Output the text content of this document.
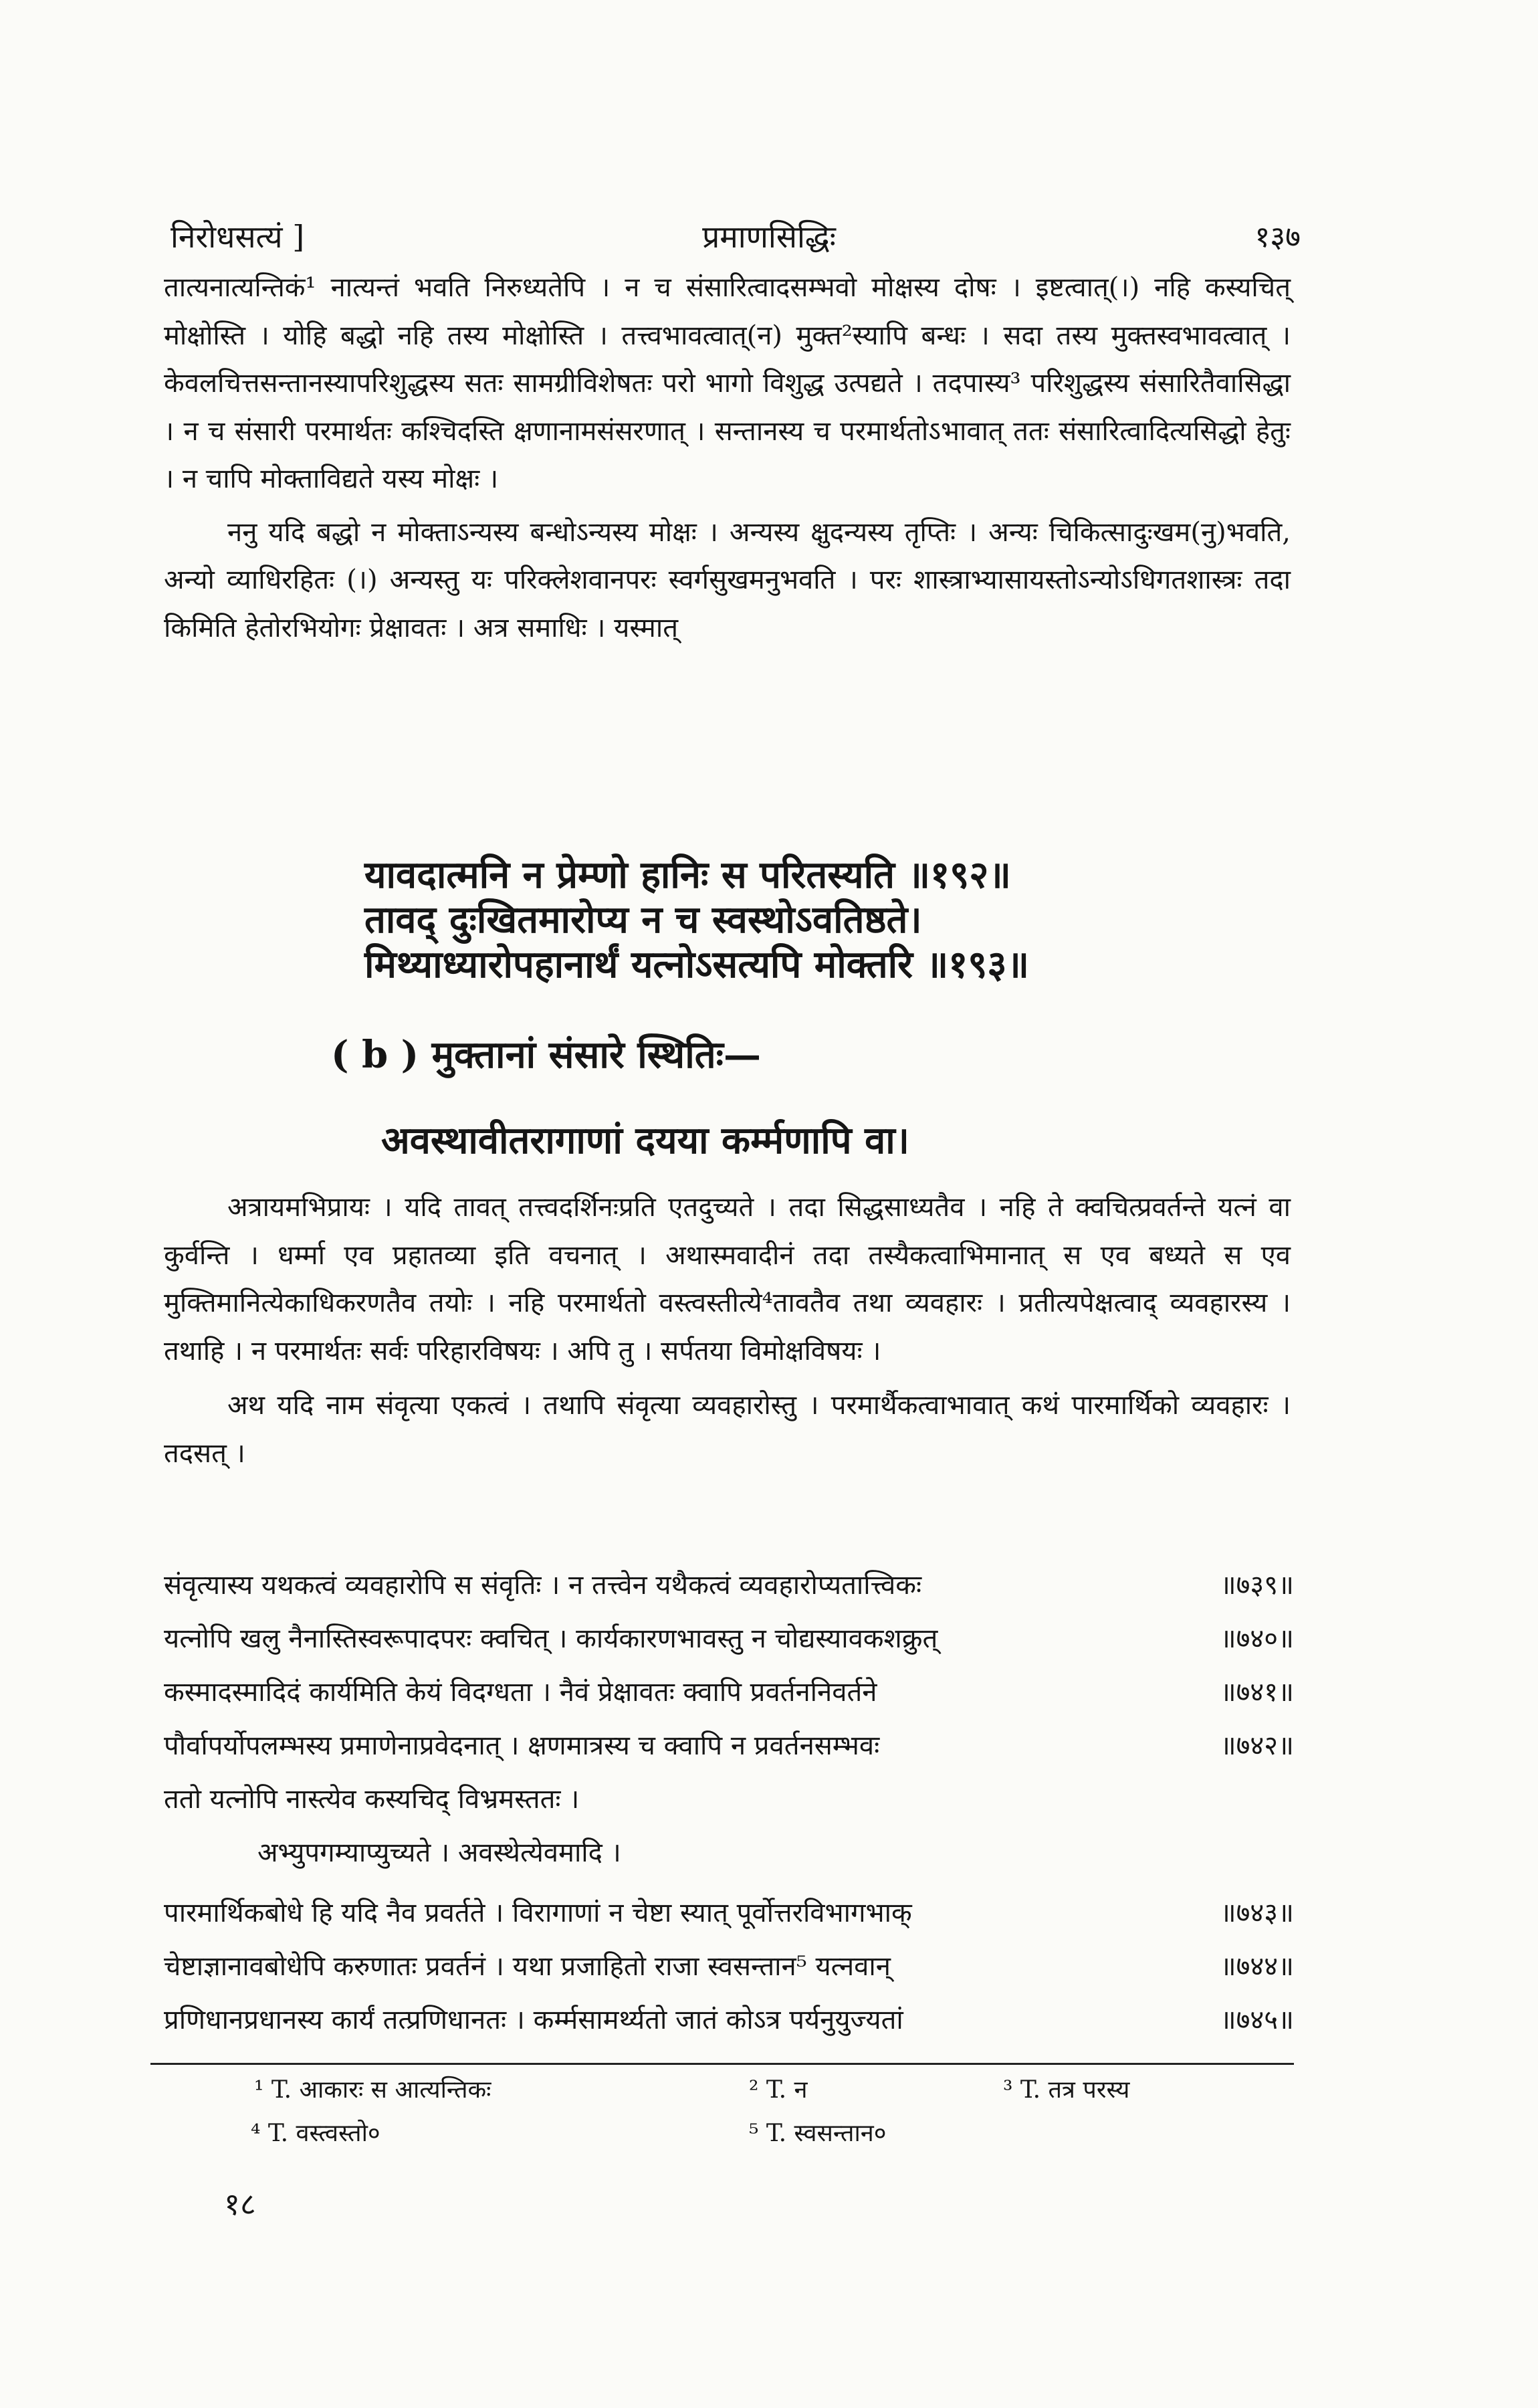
निरोधसत्यं ]	प्रमाणसिद्धिः	१३७

तात्यनात्यन्तिकं¹ नात्यन्तं भवति निरुध्यतेपि । न च संसारित्वादसम्भवो मोक्षस्य दोषः । इष्टत्वात्(।) नहि कस्यचित् मोक्षोस्ति । योहि बद्धो नहि तस्य मोक्षोस्ति । तत्त्वभावत्वात्(न) मुक्त²स्यापि बन्धः । सदा तस्य मुक्तस्वभावत्वात् । केवलचित्तसन्तानस्यापरिशुद्धस्य सतः सामग्रीविशेषतः परो भागो विशुद्ध उत्पद्यते । तदपास्य³ परिशुद्धस्य संसारितैवासिद्धा । न च संसारी परमार्थतः कश्चिदस्ति क्षणानामसंसरणात् । सन्तानस्य च परमार्थतोऽभावात् ततः संसारित्वादित्यसिद्धो हेतुः । न चापि मोक्ताविद्यते यस्य मोक्षः ।

ननु यदि बद्धो न मोक्ताऽन्यस्य बन्धोऽन्यस्य मोक्षः । अन्यस्य क्षुदन्यस्य तृप्तिः । अन्यः चिकित्सादुःखम(नु)भवति, अन्यो व्याधिरहितः (।) अन्यस्तु यः परिक्लेशवानपरः स्वर्गसुखमनुभवति । परः शास्त्राभ्यासायस्तोऽन्योऽधिगतशास्त्रः तदा किमिति हेतोरभियोगः प्रेक्षावतः । अत्र समाधिः । यस्मात्

यावदात्मनि न प्रेम्णो हानिः स परितस्यति ॥१९२॥
तावद् दुःखितमारोप्य न च स्वस्थोऽवतिष्ठते।
मिथ्याध्यारोपहानार्थं यत्नोऽसत्यपि मोक्तरि ॥१९३॥
( b ) मुक्तानां संसारे स्थितिः—
अवस्थावीतरागाणां दयया कर्म्मणापि वा।

अत्रायमभिप्रायः । यदि तावत् तत्त्वदर्शिनःप्रति एतदुच्यते । तदा सिद्धसाध्यतैव । नहि ते क्वचित्प्रवर्तन्ते यत्नं वा कुर्वन्ति । धर्म्मा एव प्रहातव्या इति वचनात् । अथास्मवादीनं तदा तस्यैकत्वाभिमानात् स एव बध्यते स एव मुक्तिमानित्येकाधिकरणतैव तयोः । नहि परमार्थतो वस्त्वस्तीत्ये⁴तावतैव तथा व्यवहारः । प्रतीत्यपेक्षत्वाद् व्यवहारस्य । तथाहि । न परमार्थतः सर्वः परिहारविषयः । अपि तु । सर्पतया विमोक्षविषयः ।

अथ यदि नाम संवृत्या एकत्वं । तथापि संवृत्या व्यवहारोस्तु । परमार्थैकत्वाभावात् कथं पारमार्थिको व्यवहारः । तदसत् ।

संवृत्यास्य यथकत्वं व्यवहारोपि स संवृतिः । न तत्त्वेन यथैकत्वं व्यवहारोप्यतात्त्विकः	॥७३९॥
यत्नोपि खलु नैनास्तिस्वरूपादपरः क्वचित् । कार्यकारणभावस्तु न चोद्यस्यावकशक्रुत्	॥७४०॥
कस्मादस्मादिदं कार्यमिति केयं विदग्धता । नैवं प्रेक्षावतः क्वापि प्रवर्तननिवर्तने	॥७४१॥
पौर्वापर्योपलम्भस्य प्रमाणेनाप्रवेदनात् । क्षणमात्रस्य च क्वापि न प्रवर्तनसम्भवः	॥७४२॥
ततो यत्नोपि नास्त्येव कस्यचिद् विभ्रमस्ततः ।

अभ्युपगम्याप्युच्यते । अवस्थेत्येवमादि ।

पारमार्थिकबोधे हि यदि नैव प्रवर्तते । विरागाणां न चेष्टा स्यात् पूर्वोत्तरविभागभाक्	॥७४३॥
चेष्टाज्ञानावबोधेपि करुणातः प्रवर्तनं । यथा प्रजाहितो राजा स्वसन्तान⁵ यत्नवान्	॥७४४॥
प्रणिधानप्रधानस्य कार्यं तत्प्रणिधानतः । कर्म्मसामर्थ्यतो जातं कोऽत्र पर्यनुयुज्यतां	॥७४५॥
¹ T. आकारः स आत्यन्तिकः	² T. न	³ T. तत्र परस्य
⁴ T. वस्त्वस्तो०	⁵ T. स्वसन्तान०
१८
